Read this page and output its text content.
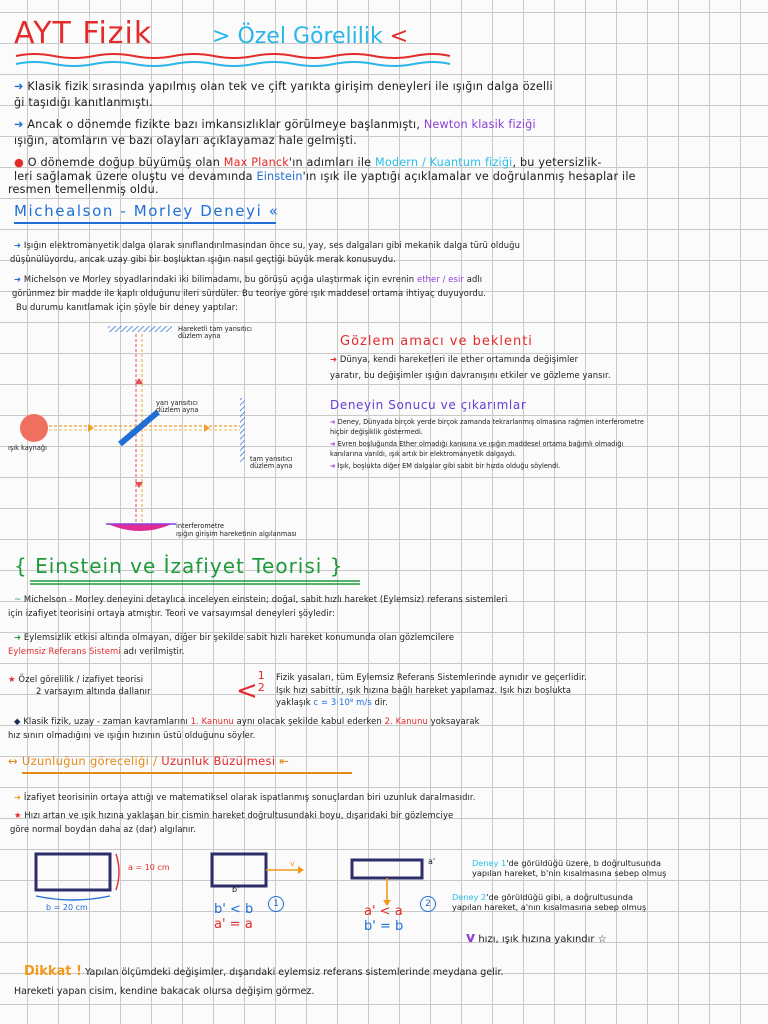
AYT Fizik	> Özel Görelilik <
➜ Klasik fizik sırasında yapılmış olan tek ve çift yarıkta girişim deneyleri ile ışığın dalga özelli
ği taşıdığı kanıtlanmıştı.
➜ Ancak o dönemde fizikte bazı imkansızlıklar görülmeye başlanmıştı, Newton klasik fiziği
ışığın, atomların ve bazı olayları açıklayamaz hale gelmişti.
● O dönemde doğup büyümüş olan Max Planck'ın adımları ile Modern / Kuantum fiziği, bu yetersizlik-
leri sağlamak üzere oluştu ve devamında Einstein'ın ışık ile yaptığı açıklamalar ve doğrulanmış hesaplar ile
resmen temellenmiş oldu.
Michealson - Morley Deneyi «
➜ Işığın elektromanyetik dalga olarak sınıflandırılmasından önce su, yay, ses dalgaları gibi mekanik dalga türü olduğu
düşünülüyordu, ancak uzay gibi bir boşluktan ışığın nasıl geçtiği büyük merak konusuydu.
➜ Michelson ve Morley soyadlarındaki iki bilimadamı, bu görüşü açığa ulaştırmak için evrenin ether / esir adlı
görünmez bir madde ile kaplı olduğunu ileri sürdüler. Bu teoriye göre ışık maddesel ortama ihtiyaç duyuyordu.
Bu durumu kanıtlamak için şöyle bir deney yaptılar:
Hareketli tam yansıtıcı düzlem ayna
yarı yansıtıcı düzlem ayna
tam yansıtıcı düzlem ayna
ışık kaynağı
interferometre
ışığın girişim hareketinin algılanması
Gözlem amacı ve beklenti
➜ Dünya, kendi hareketleri ile ether ortamında değişimler
yaratır, bu değişimler ışığın davranışını etkiler ve gözleme yansır.
Deneyin Sonucu ve çıkarımlar
➜ Deney, Dünyada birçok yerde birçok zamanda tekrarlanmış olmasına rağmen interferometre
hiçbir değişiklik göstermedi.
➜ Evren boşluğunda Ether olmadığı kanısına ve ışığın maddesel ortama bağımlı olmadığı
kanılarına varıldı, ışık artık bir elektromanyetik dalgaydı.
➜ Işık, boşlukta diğer EM dalgalar gibi sabit bir hızda olduğu söylendi.
{ Einstein ve İzafiyet Teorisi }
~ Michelson - Morley deneyini detaylıca inceleyen einstein; doğal, sabit hızlı hareket (Eylemsiz) referans sistemleri
için izafiyet teorisini ortaya atmıştır. Teori ve varsayımsal deneyleri şöyledir:
➜ Eylemsizlik etkisi altında olmayan, diğer bir şekilde sabit hızlı hareket konumunda olan gözlemcilere
Eylemsiz Referans Sistemi adı verilmiştir.
★ Özel görelilik / izafiyet teorisi
2 varsayım altında dallanır	<1
2
Fizik yasaları, tüm Eylemsiz Referans Sistemlerinde aynıdır ve geçerlidir.
Işık hızı sabittir, ışık hızına bağlı hareket yapılamaz. Işık hızı boşlukta
yaklaşık c = 3·10⁸ m/s dir.
◆ Klasik fizik, uzay - zaman kavramlarını 1. Kanunu aynı olacak şekilde kabul ederken 2. Kanunu yoksayarak
hız sınırı olmadığını ve ışığın hızının üstü olduğunu söyler.
↔ Uzunluğun göreceliği / Uzunluk Büzülmesi ⇤
➜ İzafiyet teorisinin ortaya attığı ve matematiksel olarak ispatlanmış sonuçlardan biri uzunluk daralmasıdır.
★ Hızı artan ve ışık hızına yaklaşan bir cismin hareket doğrultusundaki boyu, dışarıdaki bir gözlemciye
göre normal boydan daha az (dar) algılanır.
a = 10 cm
b = 20 cm
b'
v	a'
b' < b
a' = a
1	a' < a
b' = b
2
Deney 1'de görüldüğü üzere, b doğrultusunda
yapılan hareket, b'nin kısalmasına sebep olmuş
Deney 2'de görüldüğü gibi, a doğrultusunda
yapılan hareket, a'nın kısalmasına sebep olmuş
v hızı, ışık hızına yakındır ☆
Dikkat ! Yapılan ölçümdeki değişimler, dışarıdaki eylemsiz referans sistemlerinde meydana gelir.
Hareketi yapan cisim, kendine bakacak olursa değişim görmez.
